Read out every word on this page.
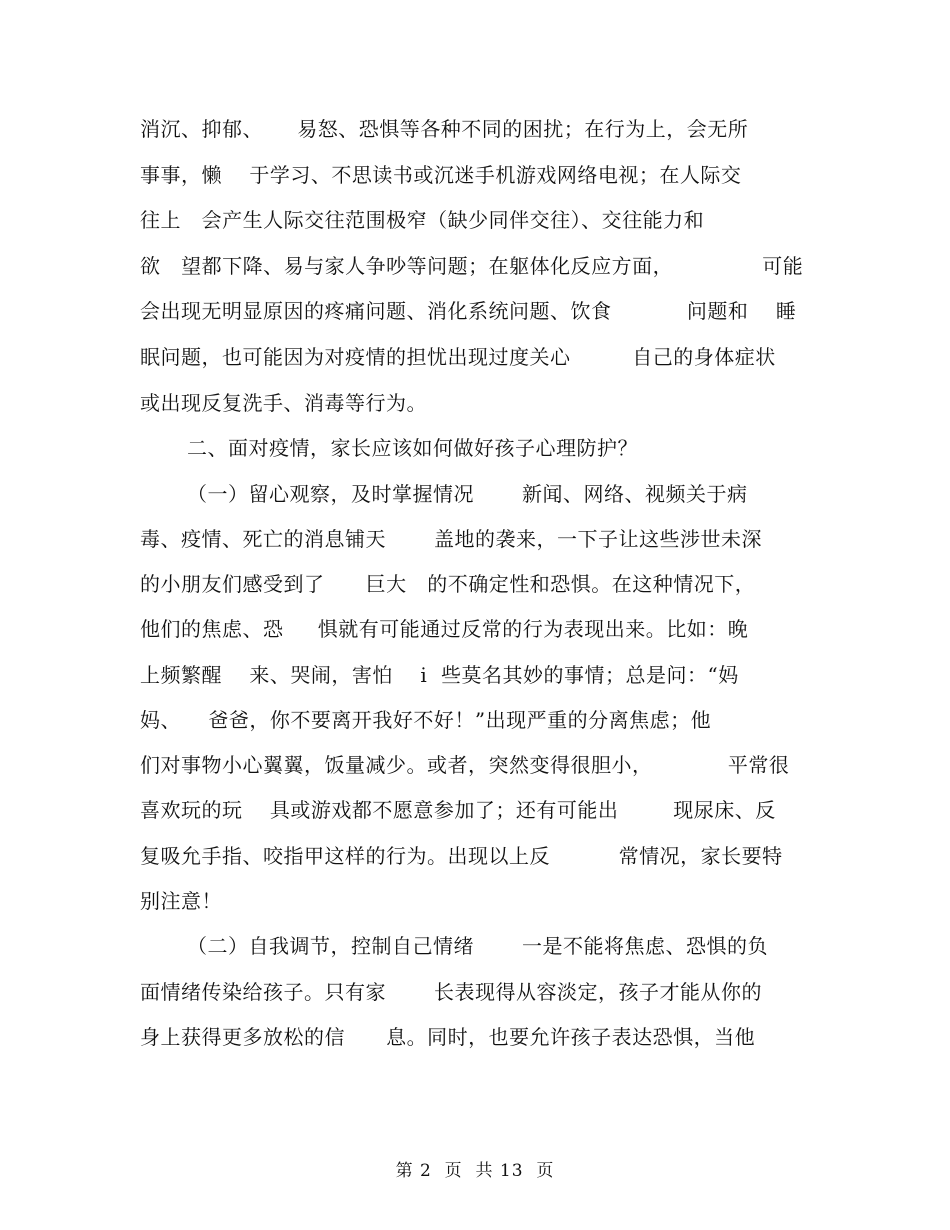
消沉、抑郁、     易怒、恐惧等各种不同的困扰；在行为上，会无所
事事，懒    于学习、不思读书或沉迷手机游戏网络电视；在人际交
往上   会产生人际交往范围极窄（缺少同伴交往）、交往能力和
欲   望都下降、易与家人争吵等问题；在躯体化反应方面，             可能
会出现无明显原因的疼痛问题、消化系统问题、饮食           问题和    睡
眠问题，也可能因为对疫情的担忧出现过度关心         自己的身体症状
或出现反复洗手、消毒等行为。
二、面对疫情，家长应该如何做好孩子心理防护？
（一）留心观察，及时掌握情况       新闻、网络、视频关于病
毒、疫情、死亡的消息铺天       盖地的袭来，一下子让这些涉世未深
的小朋友们感受到了      巨大   的不确定性和恐惧。在这种情况下，
他们的焦虑、恐     惧就有可能通过反常的行为表现出来。比如：晚
上频繁醒    来、哭闹，害怕    i  些莫名其妙的事情；总是问：“妈
妈、    爸爸，你不要离开我好不好！”出现严重的分离焦虑；他
们对事物小心翼翼，饭量减少。或者，突然变得很胆小，           平常很
喜欢玩的玩    具或游戏都不愿意参加了；还有可能出        现尿床、反
复吸允手指、咬指甲这样的行为。出现以上反          常情况，家长要特
别注意！
（二）自我调节，控制自己情绪       一是不能将焦虑、恐惧的负
面情绪传染给孩子。只有家       长表现得从容淡定，孩子才能从你的
身上获得更多放松的信      息。同时，也要允许孩子表达恐惧，当他
第 2  页  共 13  页
